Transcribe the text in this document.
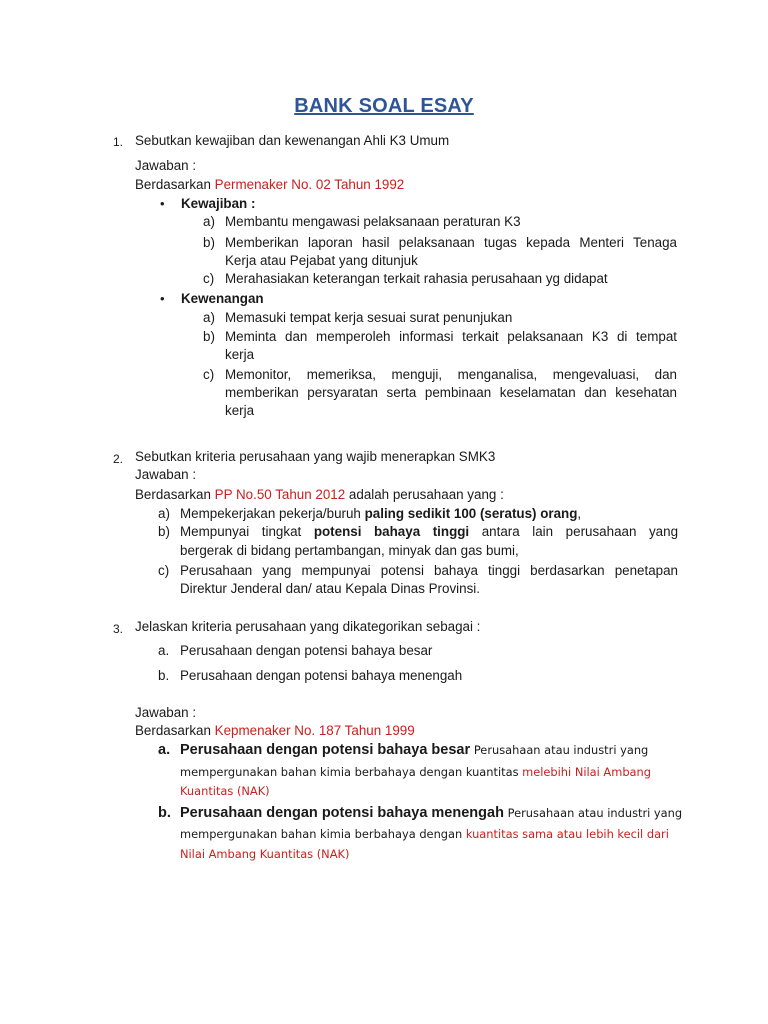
BANK SOAL ESAY
1. Sebutkan kewajiban dan kewenangan Ahli K3 Umum
Jawaban :
Berdasarkan Permenaker No. 02 Tahun 1992
• Kewajiban :
a) Membantu mengawasi pelaksanaan peraturan K3
b) Memberikan laporan hasil pelaksanaan tugas kepada Menteri Tenaga
Kerja atau Pejabat yang ditunjuk
c) Merahasiakan keterangan terkait rahasia perusahaan yg didapat
• Kewenangan
a) Memasuki tempat kerja sesuai surat penunjukan
b) Meminta dan memperoleh informasi terkait pelaksanaan K3 di tempat
kerja
c) Memonitor, memeriksa, menguji, menganalisa, mengevaluasi, dan
memberikan persyaratan serta pembinaan keselamatan dan kesehatan
kerja
2. Sebutkan kriteria perusahaan yang wajib menerapkan SMK3
Jawaban :
Berdasarkan PP No.50 Tahun 2012 adalah perusahaan yang :
a) Mempekerjakan pekerja/buruh paling sedikit 100 (seratus) orang,
b) Mempunyai tingkat potensi bahaya tinggi antara lain perusahaan yang
bergerak di bidang pertambangan, minyak dan gas bumi,
c) Perusahaan yang mempunyai potensi bahaya tinggi berdasarkan penetapan
Direktur Jenderal dan/ atau Kepala Dinas Provinsi.
3. Jelaskan kriteria perusahaan yang dikategorikan sebagai :
a. Perusahaan dengan potensi bahaya besar
b. Perusahaan dengan potensi bahaya menengah
Jawaban :
Berdasarkan Kepmenaker No. 187 Tahun 1999
a. Perusahaan dengan potensi bahaya besar Perusahaan atau industri yang
mempergunakan bahan kimia berbahaya dengan kuantitas melebihi Nilai Ambang
Kuantitas (NAK)
b. Perusahaan dengan potensi bahaya menengah Perusahaan atau industri yang
mempergunakan bahan kimia berbahaya dengan kuantitas sama atau lebih kecil dari
Nilai Ambang Kuantitas (NAK)
